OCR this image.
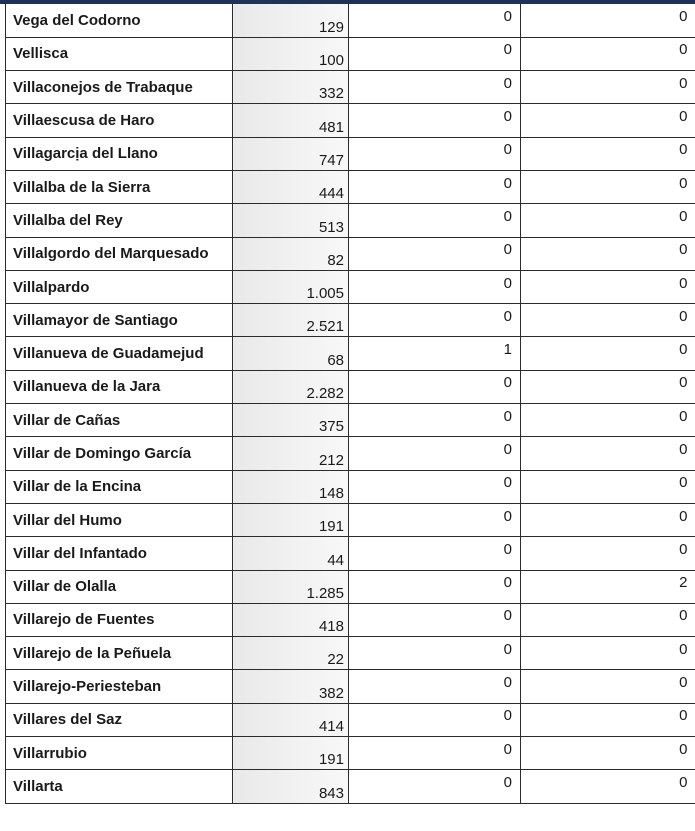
Vega del Codorno	129	0	0
Vellisca	100	0	0
Villaconejos de Trabaque	332	0	0
Villaescusa de Haro	481	0	0
Villagarcịa del Llano	747	0	0
Villalba de la Sierra	444	0	0
Villalba del Rey	513	0	0
Villalgordo del Marquesado	82	0	0
Villalpardo	1.005	0	0
Villamayor de Santiago	2.521	0	0
Villanueva de Guadamejud	68	1	0
Villanueva de la Jara	2.282	0	0
Villar de Cañas	375	0	0
Villar de Domingo García	212	0	0
Villar de la Encina	148	0	0
Villar del Humo	191	0	0
Villar del Infantado	44	0	0
Villar de Olalla	1.285	0	2
Villarejo de Fuentes	418	0	0
Villarejo de la Peñuela	22	0	0
Villarejo-Periesteban	382	0	0
Villares del Saz	414	0	0
Villarrubio	191	0	0
Villarta	843	0	0
